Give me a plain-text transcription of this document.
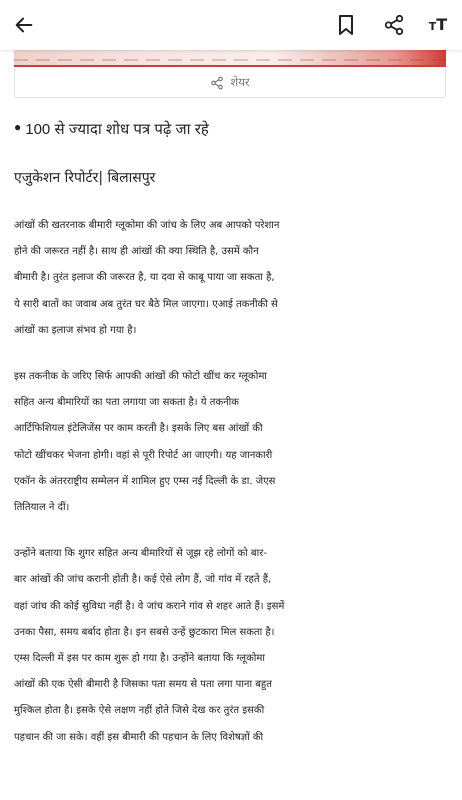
TT
शेयर
● 100 से ज्यादा शोध पत्र पढ़े जा रहे
एजुकेशन रिपोर्टर| बिलासपुर
आंखों की खतरनाक बीमारी ग्लूकोमा की जांच के लिए अब आपको परेशान
होने की जरूरत नहीं है। साथ ही आंखों की क्या स्थिति है, उसमें कौन
बीमारी है। तुरंत इलाज की जरूरत है, या दवा से काबू पाया जा सकता है,
ये सारी बातों का जवाब अब तुरंत घर बैठे मिल जाएगा। एआई तकनीकी से
आंखों का इलाज संभव हो गया है।
इस तकनीक के जरिए सिर्फ आपकी आंखों की फोटो खींच कर ग्लूकोमा
सहित अन्य बीमारियों का पता लगाया जा सकता है। ये तकनीक
आर्टिफिशियल इंटेलिजेंस पर काम करती है। इसके लिए बस आंखों की
फोटो खींचकर भेजना होगी। वहां से पूरी रिपोर्ट आ जाएगी। यह जानकारी
एकॉन के अंतरराष्ट्रीय सम्मेलन में शामिल हुए एम्स नई दिल्ली के डा. जेएस
तितियाल ने दीं।
उन्होंने बताया कि शुगर सहित अन्य बीमारियों से जूझ रहे लोगों को बार-
बार आंखों की जांच करानी होती है। कई ऐसे लोग हैं, जो गांव में रहते हैं,
वहां जांच की कोई सुविधा नहीं है। वे जांच कराने गांव से शहर आते हैं। इसमें
उनका पैसा, समय बर्बाद होता है। इन सबसे उन्हें छुटकारा मिल सकता है।
एम्स दिल्ली में इस पर काम शुरू हो गया है। उन्होंने बताया कि ग्लूकोमा
आंखों की एक ऐसी बीमारी है जिसका पता समय से पता लगा पाना बहुत
मुश्किल होता है। इसके ऐसे लक्षण नहीं होते जिसे देख कर तुरंत इसकी
पहचान की जा सके। वहीं इस बीमारी की पहचान के लिए विशेषज्ञों की
